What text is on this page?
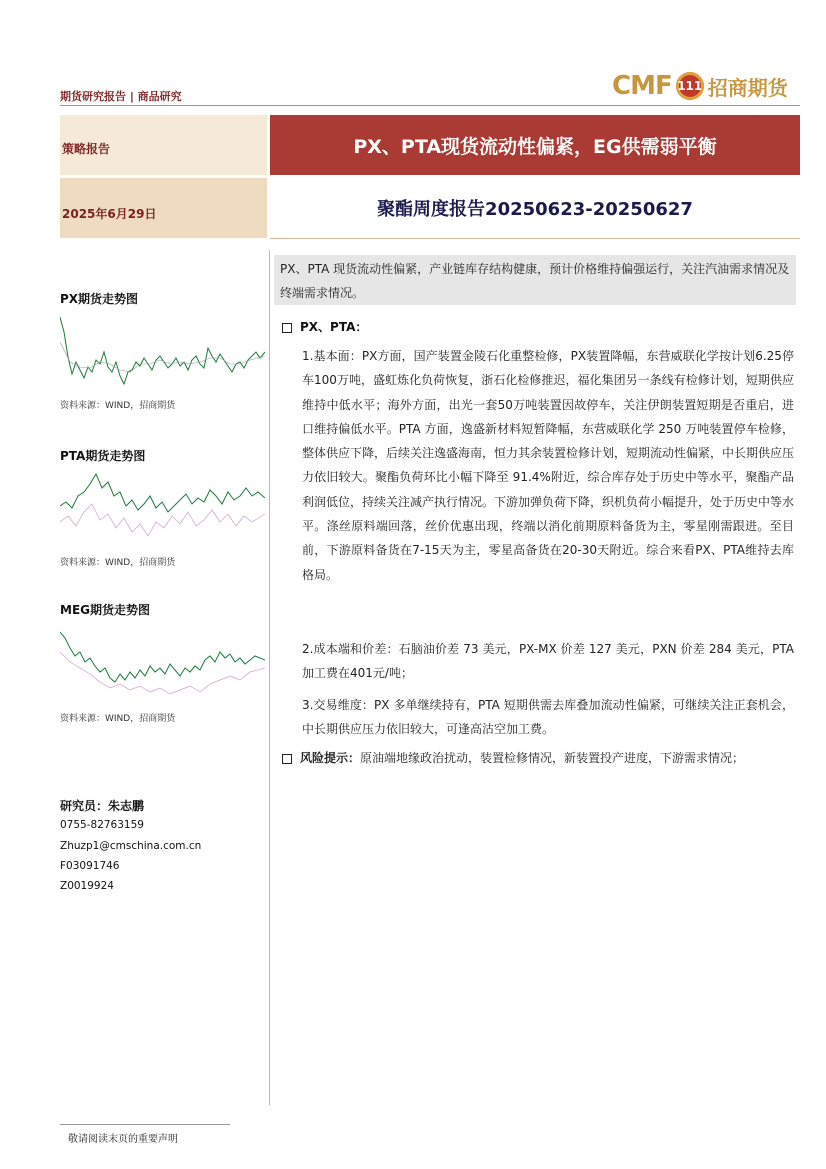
期货研究报告 | 商品研究	CMF 111 招商期货
策略报告
2025年6月29日
PX、PTA现货流动性偏紧，EG供需弱平衡
聚酯周度报告20250623-20250627
PX、PTA 现货流动性偏紧，产业链库存结构健康，预计价格维持偏强运行，关注汽油需求情况及终端需求情况。
PX期货走势图
资料来源：WIND，招商期货
PTA期货走势图
资料来源：WIND，招商期货
MEG期货走势图
资料来源：WIND，招商期货
研究员：朱志鹏
0755-82763159
Zhuzp1@cmschina.com.cn
F03091746
Z0019924
PX、PTA：

1.基本面：PX方面，国产装置金陵石化重整检修，PX装置降幅，东营威联化学按计划6.25停车100万吨，盛虹炼化负荷恢复，浙石化检修推迟，福化集团另一条线有检修计划，短期供应维持中低水平；海外方面，出光一套50万吨装置因故停车，关注伊朗装置短期是否重启，进口维持偏低水平。PTA 方面，逸盛新材料短暂降幅，东营威联化学 250 万吨装置停车检修，整体供应下降，后续关注逸盛海南，恒力其余装置检修计划，短期流动性偏紧，中长期供应压力依旧较大。聚酯负荷环比小幅下降至 91.4%附近，综合库存处于历史中等水平，聚酯产品利润低位，持续关注减产执行情况。下游加弹负荷下降，织机负荷小幅提升，处于历史中等水平。涤丝原料端回落，丝价优惠出现，终端以消化前期原料备货为主，零星刚需跟进。至目前，下游原料备货在7-15天为主，零星高备货在20-30天附近。综合来看PX、PTA维持去库格局。

2.成本端和价差：石脑油价差 73 美元，PX-MX 价差 127 美元，PXN 价差 284 美元，PTA加工费在401元/吨；

3.交易维度：PX 多单继续持有，PTA 短期供需去库叠加流动性偏紧，可继续关注正套机会，中长期供应压力依旧较大，可逢高沽空加工费。

风险提示：原油端地缘政治扰动，装置检修情况，新装置投产进度，下游需求情况；
敬请阅读末页的重要声明
